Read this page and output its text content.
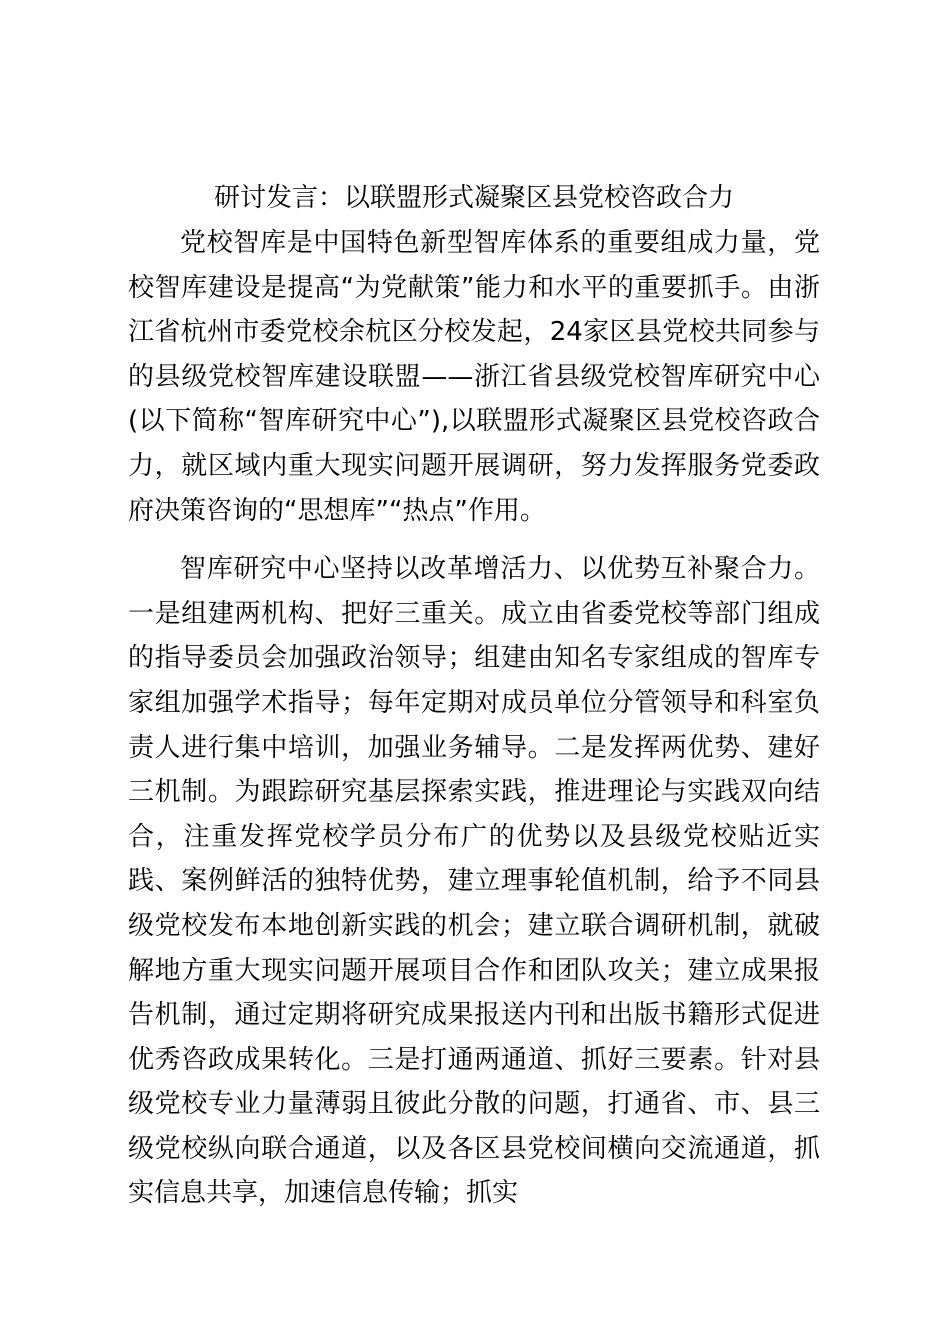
研讨发言：以联盟形式凝聚区县党校咨政合力

党校智库是中国特色新型智库体系的重要组成力量，党校智库建设是提高“为党献策”能力和水平的重要抓手。由浙江省杭州市委党校余杭区分校发起，24家区县党校共同参与的县级党校智库建设联盟——浙江省县级党校智库研究中心(以下简称“智库研究中心”),以联盟形式凝聚区县党校咨政合力，就区域内重大现实问题开展调研，努力发挥服务党委政府决策咨询的“思想库”“热点”作用。

智库研究中心坚持以改革增活力、以优势互补聚合力。一是组建两机构、把好三重关。成立由省委党校等部门组成的指导委员会加强政治领导；组建由知名专家组成的智库专家组加强学术指导；每年定期对成员单位分管领导和科室负责人进行集中培训，加强业务辅导。二是发挥两优势、建好三机制。为跟踪研究基层探索实践，推进理论与实践双向结合，注重发挥党校学员分布广的优势以及县级党校贴近实践、案例鲜活的独特优势，建立理事轮值机制，给予不同县级党校发布本地创新实践的机会；建立联合调研机制，就破解地方重大现实问题开展项目合作和团队攻关；建立成果报告机制，通过定期将研究成果报送内刊和出版书籍形式促进优秀咨政成果转化。三是打通两通道、抓好三要素。针对县级党校专业力量薄弱且彼此分散的问题，打通省、市、县三级党校纵向联合通道，以及各区县党校间横向交流通道，抓实信息共享，加速信息传输；抓实
